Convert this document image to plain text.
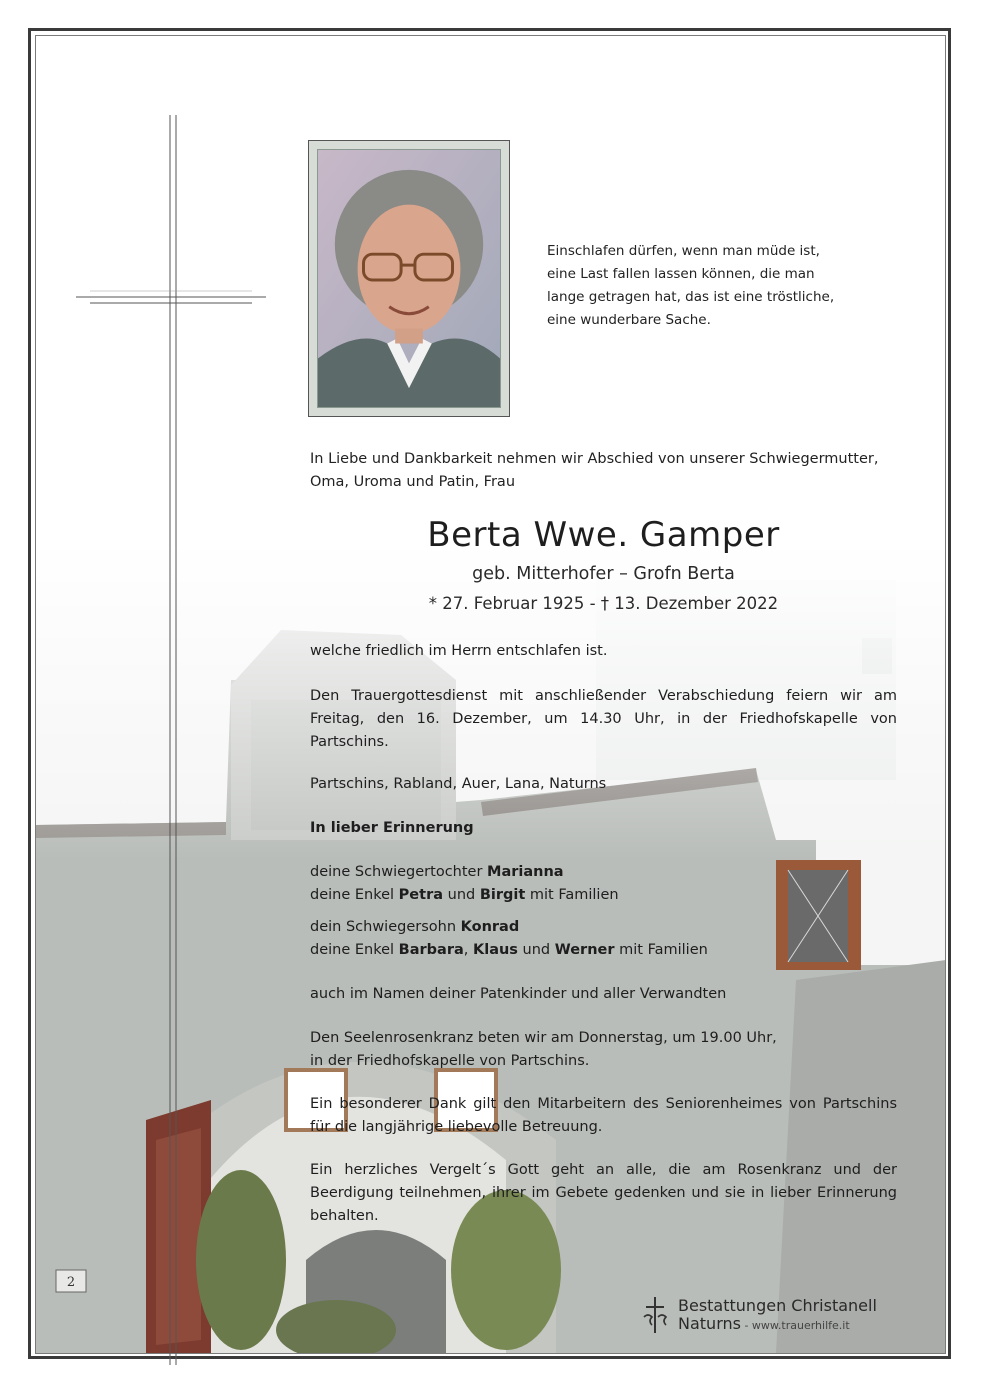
2
Einschlafen dürfen, wenn man müde ist,
eine Last fallen lassen können, die man
lange getragen hat, das ist eine tröstliche,
eine wunderbare Sache.
In Liebe und Dankbarkeit nehmen wir Abschied von unserer Schwiegermutter,
Oma, Uroma und Patin, Frau
Berta Wwe. Gamper
geb. Mitterhofer – Grofn Berta
* 27. Februar 1925 - † 13. Dezember 2022
welche friedlich im Herrn entschlafen ist.
Den Trauergottesdienst mit anschließender Verabschiedung feiern wir am Freitag, den 16. Dezember, um 14.30 Uhr, in der Friedhofskapelle von Partschins.
Partschins, Rabland, Auer, Lana, Naturns
In lieber Erinnerung
deine Schwiegertochter Marianna
deine Enkel Petra und Birgit mit Familien
dein Schwiegersohn Konrad
deine Enkel Barbara, Klaus und Werner mit Familien
auch im Namen deiner Patenkinder und aller Verwandten
Den Seelenrosenkranz beten wir am Donnerstag, um 19.00 Uhr,
in der Friedhofskapelle von Partschins.
Ein besonderer Dank gilt den Mitarbeitern des Seniorenheimes von Partschins für die langjährige liebevolle Betreuung.
Ein herzliches Vergelt´s Gott geht an alle, die am Rosenkranz und der Beerdigung teilnehmen, ihrer im Gebete gedenken und sie in lieber Erinnerung behalten.
Bestattungen Christanell
Naturns - www.trauerhilfe.it
